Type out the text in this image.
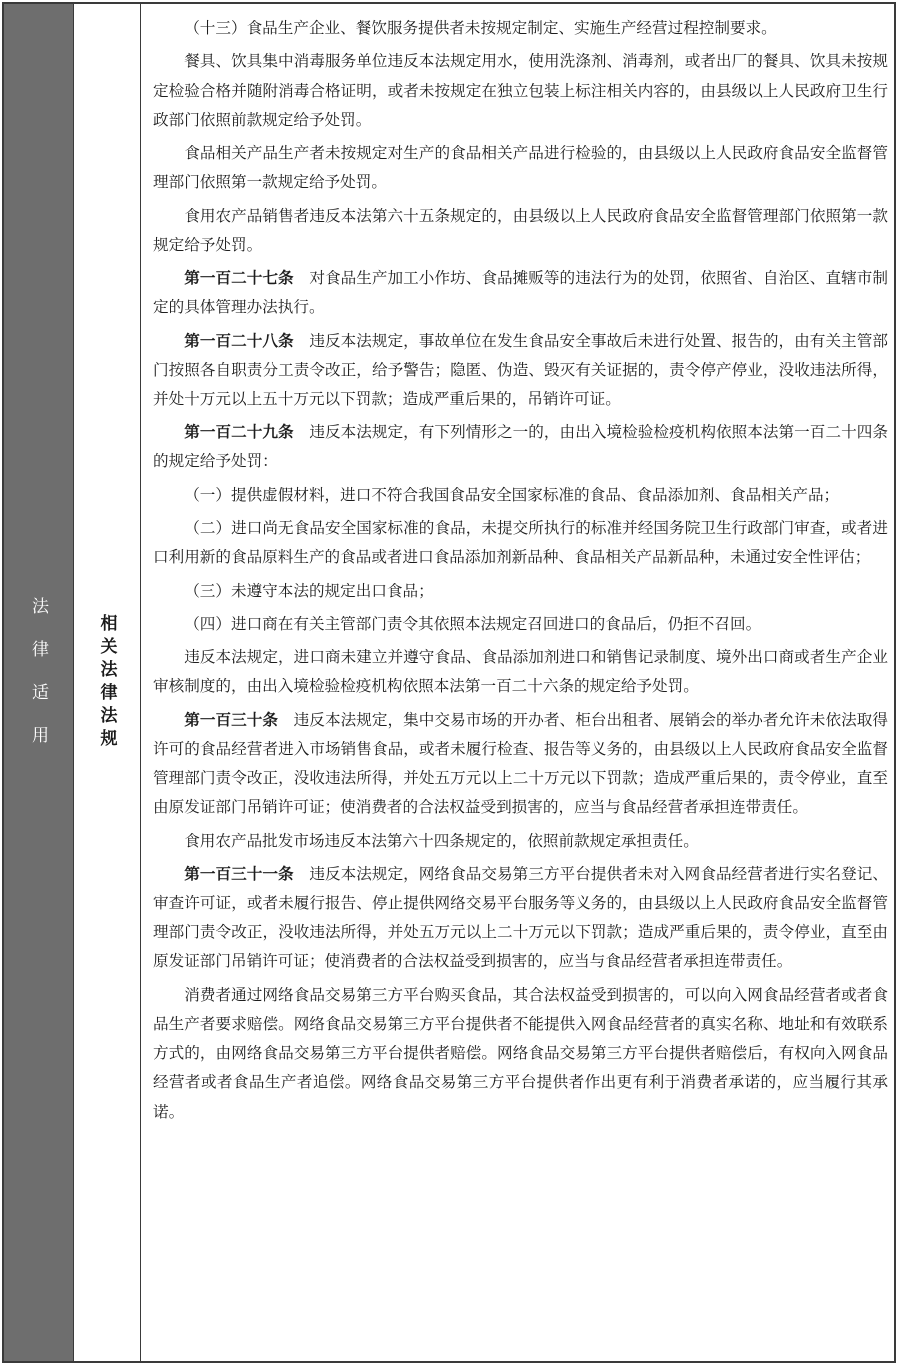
法律适用	相关法律法规

（十三）食品生产企业、餐饮服务提供者未按规定制定、实施生产经营过程控制要求。

餐具、饮具集中消毒服务单位违反本法规定用水，使用洗涤剂、消毒剂，或者出厂的餐具、饮具未按规定检验合格并随附消毒合格证明，或者未按规定在独立包装上标注相关内容的，由县级以上人民政府卫生行政部门依照前款规定给予处罚。

食品相关产品生产者未按规定对生产的食品相关产品进行检验的，由县级以上人民政府食品安全监督管理部门依照第一款规定给予处罚。

食用农产品销售者违反本法第六十五条规定的，由县级以上人民政府食品安全监督管理部门依照第一款规定给予处罚。

第一百二十七条　 对食品生产加工小作坊、食品摊贩等的违法行为的处罚，依照省、自治区、直辖市制定的具体管理办法执行。

第一百二十八条　 违反本法规定，事故单位在发生食品安全事故后未进行处置、报告的，由有关主管部门按照各自职责分工责令改正，给予警告；隐匿、伪造、毁灭有关证据的，责令停产停业，没收违法所得，并处十万元以上五十万元以下罚款；造成严重后果的，吊销许可证。

第一百二十九条　 违反本法规定，有下列情形之一的，由出入境检验检疫机构依照本法第一百二十四条的规定给予处罚：

（一）提供虚假材料，进口不符合我国食品安全国家标准的食品、食品添加剂、食品相关产品；

（二）进口尚无食品安全国家标准的食品，未提交所执行的标准并经国务院卫生行政部门审查，或者进口利用新的食品原料生产的食品或者进口食品添加剂新品种、食品相关产品新品种，未通过安全性评估；

（三）未遵守本法的规定出口食品；

（四）进口商在有关主管部门责令其依照本法规定召回进口的食品后，仍拒不召回。

违反本法规定，进口商未建立并遵守食品、食品添加剂进口和销售记录制度、境外出口商或者生产企业审核制度的，由出入境检验检疫机构依照本法第一百二十六条的规定给予处罚。

第一百三十条　 违反本法规定，集中交易市场的开办者、柜台出租者、展销会的举办者允许未依法取得许可的食品经营者进入市场销售食品，或者未履行检查、报告等义务的，由县级以上人民政府食品安全监督管理部门责令改正，没收违法所得，并处五万元以上二十万元以下罚款；造成严重后果的，责令停业，直至由原发证部门吊销许可证；使消费者的合法权益受到损害的，应当与食品经营者承担连带责任。

食用农产品批发市场违反本法第六十四条规定的，依照前款规定承担责任。

第一百三十一条　 违反本法规定，网络食品交易第三方平台提供者未对入网食品经营者进行实名登记、审查许可证，或者未履行报告、停止提供网络交易平台服务等义务的，由县级以上人民政府食品安全监督管理部门责令改正，没收违法所得，并处五万元以上二十万元以下罚款；造成严重后果的，责令停业，直至由原发证部门吊销许可证；使消费者的合法权益受到损害的，应当与食品经营者承担连带责任。

消费者通过网络食品交易第三方平台购买食品，其合法权益受到损害的，可以向入网食品经营者或者食品生产者要求赔偿。网络食品交易第三方平台提供者不能提供入网食品经营者的真实名称、地址和有效联系方式的，由网络食品交易第三方平台提供者赔偿。网络食品交易第三方平台提供者赔偿后，有权向入网食品经营者或者食品生产者追偿。网络食品交易第三方平台提供者作出更有利于消费者承诺的，应当履行其承诺。
